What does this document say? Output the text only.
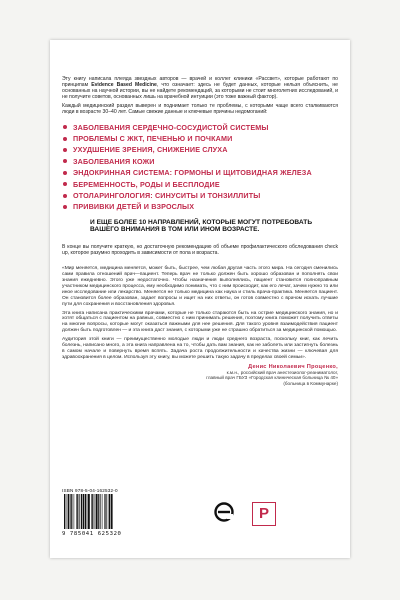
Эту книгу написала плеяда звездных авторов — врачей и коллег клиники «Рассвет», которые работают по принципам Evidence Based Medicine, что означает: здесь не будет данных, которые нельзя объяснить, не основанных на научной истории, вы не найдете рекомендаций, за которыми не стоит многолетних исследований, и не получите советов, основанных лишь на врачебной интуиции (это тоже важный фактор).

Каждый медицинский раздел выверен и поднимает только те проблемы, с которыми чаще всего сталкиваются люди в возрасте 30–40 лет. Самые свежие данные и ключевые причины недомоганий:

ЗАБОЛЕВАНИЯ СЕРДЕЧНО-СОСУДИСТОЙ СИСТЕМЫ
ПРОБЛЕМЫ С ЖКТ, ПЕЧЕНЬЮ И ПОЧКАМИ
УХУДШЕНИЕ ЗРЕНИЯ, СНИЖЕНИЕ СЛУХА
ЗАБОЛЕВАНИЯ КОЖИ
ЭНДОКРИННАЯ СИСТЕМА: ГОРМОНЫ И ЩИТОВИДНАЯ ЖЕЛЕЗА
БЕРЕМЕННОСТЬ, РОДЫ И БЕСПЛОДИЕ
ОТОЛАРИНГОЛОГИЯ: СИНУСИТЫ И ТОНЗИЛЛИТЫ
ПРИВИВКИ ДЕТЕЙ И ВЗРОСЛЫХ
И ЕЩЕ БОЛЕЕ 10 НАПРАВЛЕНИЙ, КОТОРЫЕ МОГУТ ПОТРЕБОВАТЬ ВАШЕГО ВНИМАНИЯ В ТОМ ИЛИ ИНОМ ВОЗРАСТЕ.

В конце вы получите краткую, но достаточную рекомендацию об объеме профилактического обследования check up, которое разумно проходить в зависимости от пола и возраста.

«Мир меняется, медицина меняется, может быть, быстрее, чем любая другая часть этого мира. На сегодня сменились сами правила отношений врач—пациент. Теперь врач не только должен быть хорошо образован и пополнять свои знания ежедневно. Этого уже недостаточно. Чтобы назначения выполнялись, пациент становится полноправным участником медицинского процесса, ему необходимо понимать, что с ним происходит, как его лечат, зачем нужно то или иное исследование или лекарство. Меняется не только медицина как наука и стиль врача-практика. Меняется пациент. Он становится более образован, задает вопросы и ищет на них ответы, он готов совместно с врачом искать лучшие пути для сохранения и восстановления здоровья.

Эта книга написана практическими врачами, которые не только стараются быть на острие медицинского знания, но и хотят общаться с пациентом на равных, совместно с ним принимать решения, поэтому книга поможет получить ответы на многие вопросы, которые могут оказаться важными для нее решения. Для такого уровня взаимодействия пациент должен быть подготовлен — и эта книга даст знания, с которыми уже не страшно обратиться за медицинской помощью.

Аудитория этой книги — преимущественно молодые люди и люди среднего возраста, поскольку книг, как лечить болезнь, написано много, а эта книга направлена на то, чтобы дать вам знания, как не заболеть или застигнуть болезнь в самом начале и повернуть время вспять. Задача роста продолжительности и качества жизни — ключевая для здравоохранения в целом. Используя эту книгу, вы можете решить такую задачу в пределах своей семьи».

Денис Николаевич Проценко,
к.м.н., российский врач анестезиолог-реаниматолог,
главный врач ГБУЗ «Городская клиническая больница № 40»
(больница в Коммунарке)
ISBN 978-5-04-162532-0
9 785041 625320
P
